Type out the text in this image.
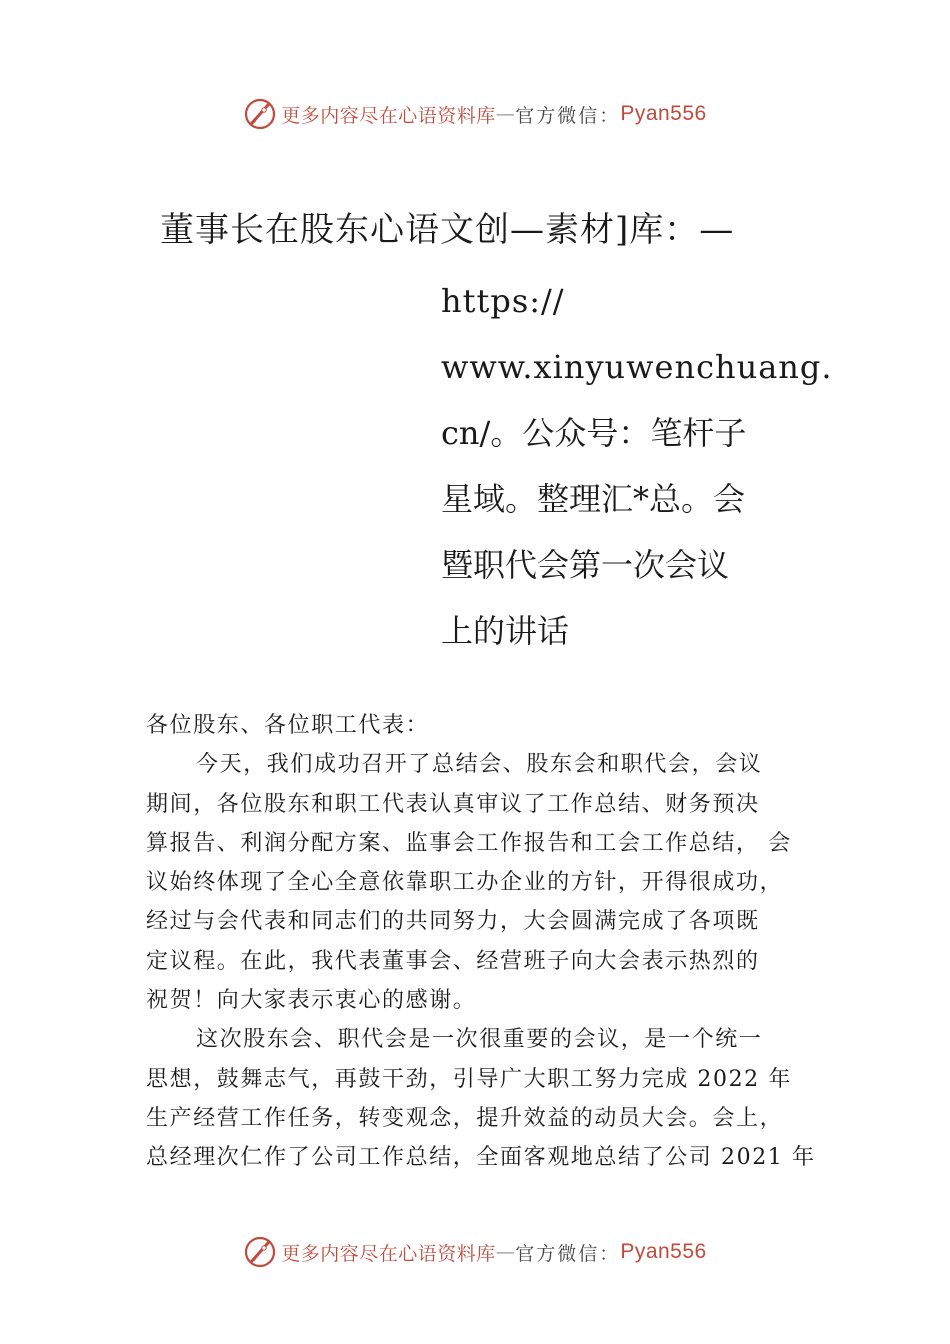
更多内容尽在心语资料库 — 官方微信： Pyan556
董事长在股东心语文创—素材]库：—
https://
www.xinyuwenchuang.
cn/。公众号：笔杆子
星域。整理汇*总。会
暨职代会第一次会议
上的讲话
各位股东、各位职工代表：
今天，我们成功召开了总结会、股东会和职代会，会议
期间，各位股东和职工代表认真审议了工作总结、财务预决
算报告、利润分配方案、监事会工作报告和工会工作总结， 会
议始终体现了全心全意依靠职工办企业的方针，开得很成功，
经过与会代表和同志们的共同努力，大会圆满完成了各项既
定议程。在此，我代表董事会、经营班子向大会表示热烈的
祝贺！向大家表示衷心的感谢。
这次股东会、职代会是一次很重要的会议，是一个统一
思想，鼓舞志气，再鼓干劲，引导广大职工努力完成 2022 年
生产经营工作任务，转变观念，提升效益的动员大会。会上，
总经理次仁作了公司工作总结，全面客观地总结了公司 2021 年
更多内容尽在心语资料库 — 官方微信： Pyan556
